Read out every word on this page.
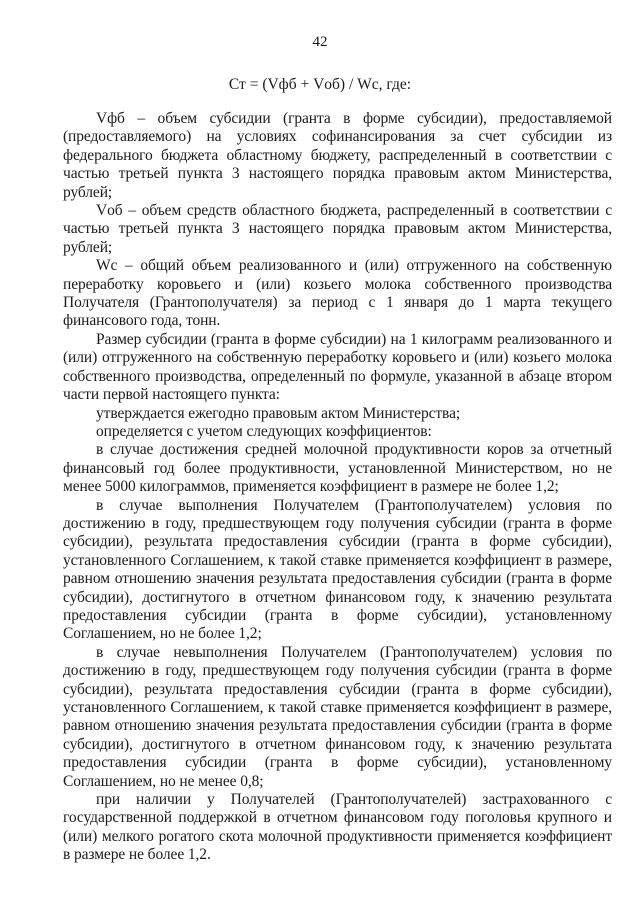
42
Ст = (Vфб + Vоб) / Wс, где:

Vфб – объем субсидии (гранта в форме субсидии), предоставляемой (предоставляемого) на условиях софинансирования за счет субсидии из федерального бюджета областному бюджету, распределенный в соответствии с частью третьей пункта 3 настоящего порядка правовым актом Министерства, рублей;

Vоб – объем средств областного бюджета, распределенный в соответствии с частью третьей пункта 3 настоящего порядка правовым актом Министерства, рублей;

Wс – общий объем реализованного и (или) отгруженного на собственную переработку коровьего и (или) козьего молока собственного производства Получателя (Грантополучателя) за период с 1 января до 1 марта текущего финансового года, тонн.

Размер субсидии (гранта в форме субсидии) на 1 килограмм реализованного и (или) отгруженного на собственную переработку коровьего и (или) козьего молока собственного производства, определенный по формуле, указанной в абзаце втором части первой настоящего пункта:

утверждается ежегодно правовым актом Министерства;

определяется с учетом следующих коэффициентов:

в случае достижения средней молочной продуктивности коров за отчетный финансовый год более продуктивности, установленной Министерством, но не менее 5000 килограммов, применяется коэффициент в размере не более 1,2;

в случае выполнения Получателем (Грантополучателем) условия по достижению в году, предшествующем году получения субсидии (гранта в форме субсидии), результата предоставления субсидии (гранта в форме субсидии), установленного Соглашением, к такой ставке применяется коэффициент в размере, равном отношению значения результата предоставления субсидии (гранта в форме субсидии), достигнутого в отчетном финансовом году, к значению результата предоставления субсидии (гранта в форме субсидии), установленному Соглашением, но не более 1,2;

в случае невыполнения Получателем (Грантополучателем) условия по достижению в году, предшествующем году получения субсидии (гранта в форме субсидии), результата предоставления субсидии (гранта в форме субсидии), установленного Соглашением, к такой ставке применяется коэффициент в размере, равном отношению значения результата предоставления субсидии (гранта в форме субсидии), достигнутого в отчетном финансовом году, к значению результата предоставления субсидии (гранта в форме субсидии), установленному Соглашением, но не менее 0,8;

при наличии у Получателей (Грантополучателей) застрахованного с государственной поддержкой в отчетном финансовом году поголовья крупного и (или) мелкого рогатого скота молочной продуктивности применяется коэффициент в размере не более 1,2.
